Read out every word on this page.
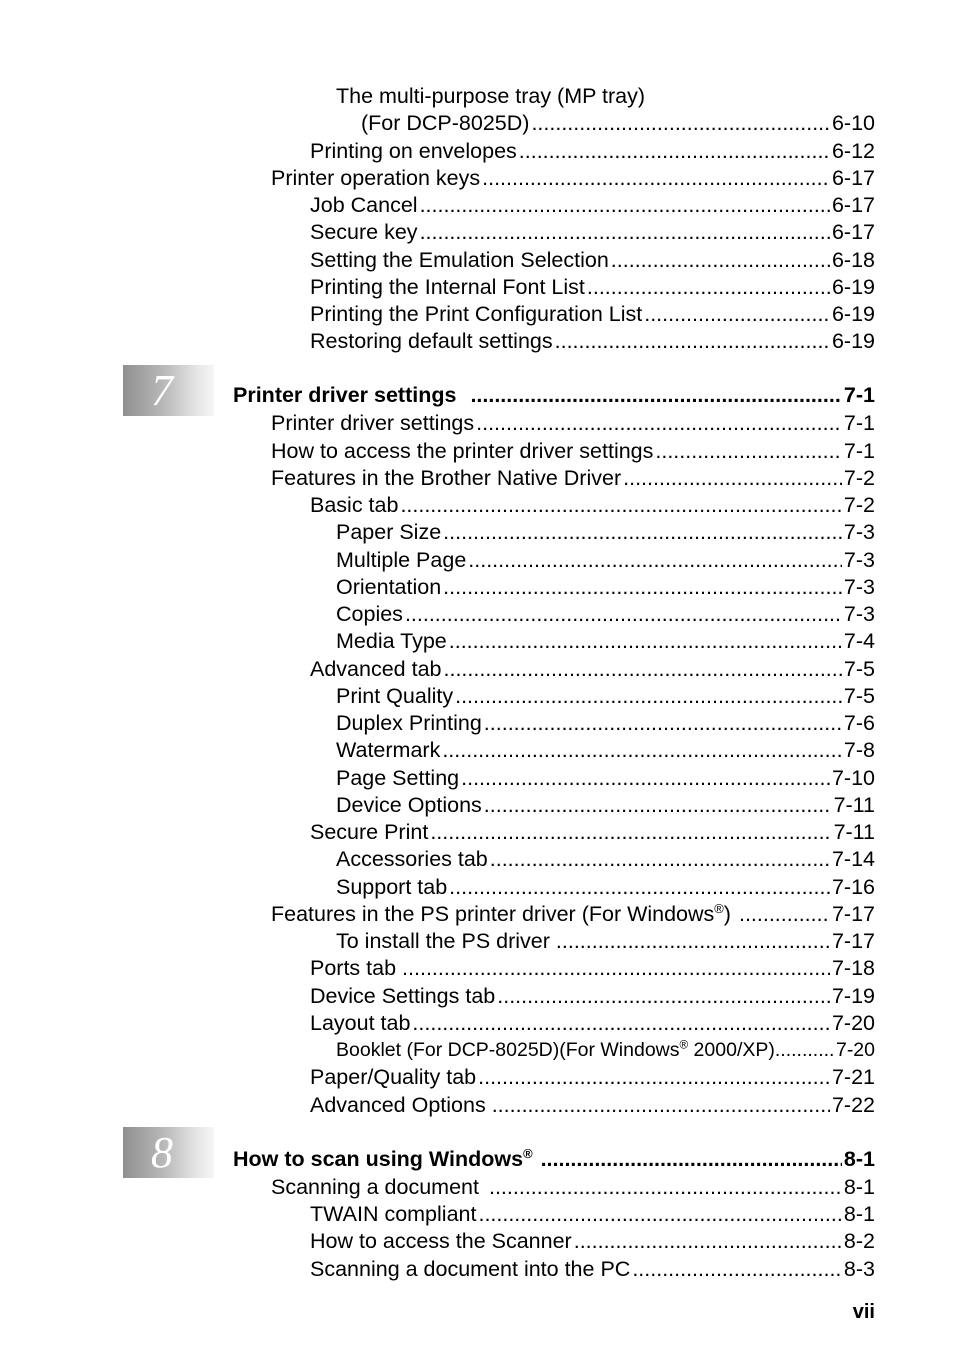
The multi-purpose tray (MP tray)
7
8
(For DCP-8025D) .....	6-10
Printing on envelopes .....	6-12
Printer operation keys .....	6-17
Job Cancel .....	6-17
Secure key .....	6-17
Setting the Emulation Selection .....	6-18
Printing the Internal Font List .....	6-19
Printing the Print Configuration List .....	6-19
Restoring default settings .....	6-19
Printer driver settings .....	7-1
Printer driver settings .....	7-1
How to access the printer driver settings .....	7-1
Features in the Brother Native Driver .....	7-2
Basic tab .....	7-2
Paper Size .....	7-3
Multiple Page .....	7-3
Orientation .....	7-3
Copies .....	7-3
Media Type .....	7-4
Advanced tab .....	7-5
Print Quality .....	7-5
Duplex Printing .....	7-6
Watermark .....	7-8
Page Setting .....	7-10
Device Options .....	7-11
Secure Print .....	7-11
Accessories tab .....	7-14
Support tab .....	7-16
Features in the PS printer driver (For Windows®) .....	7-17
To install the PS driver .....	7-17
Ports tab .....	7-18
Device Settings tab .....	7-19
Layout tab .....	7-20
Booklet (For DCP-8025D)(For Windows® 2000/XP) .....	7-20
Paper/Quality tab .....	7-21
Advanced Options .....	7-22
How to scan using Windows® .....	8-1
Scanning a document .....	8-1
TWAIN compliant .....	8-1
How to access the Scanner .....	8-2
Scanning a document into the PC .....	8-3
vii
